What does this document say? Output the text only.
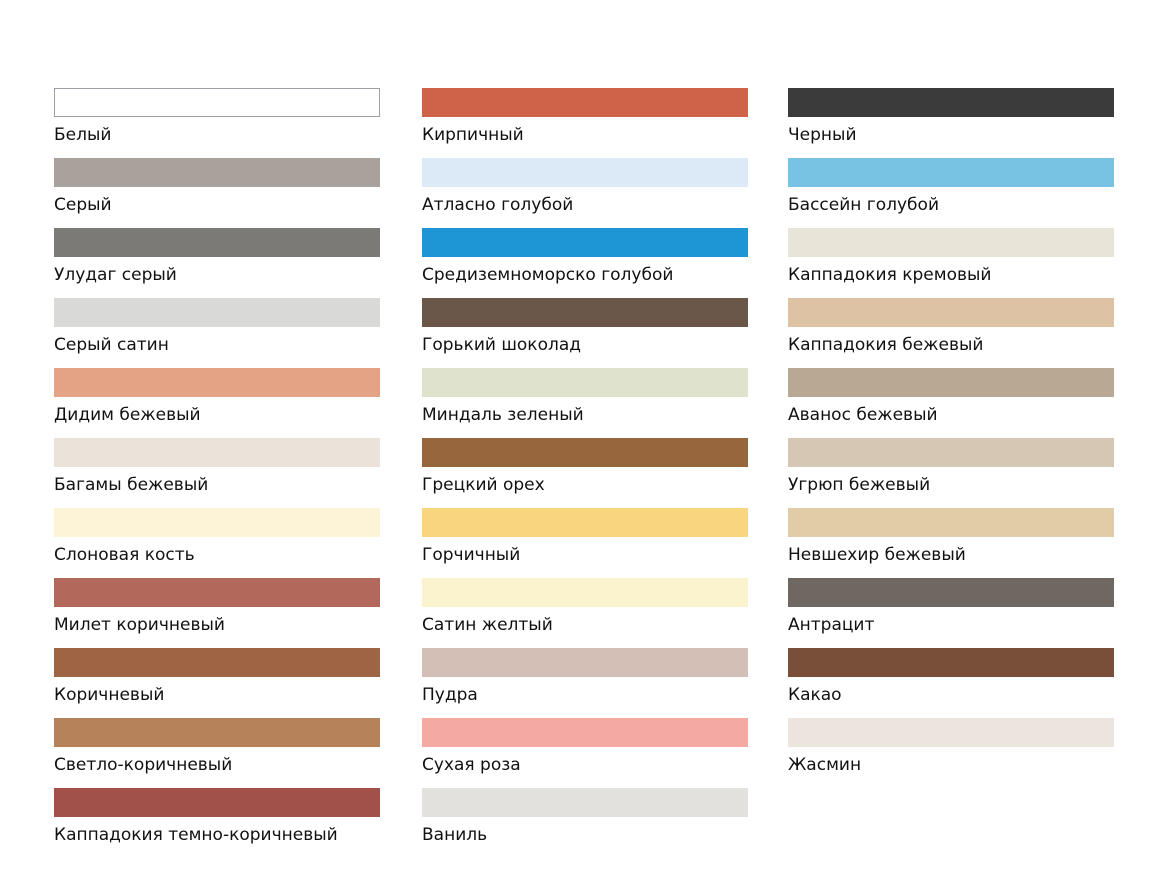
Белый
Серый
Улудаг серый
Серый сатин
Дидим бежевый
Багамы бежевый
Слоновая кость
Милет коричневый
Коричневый
Светло-коричневый
Каппадокия темно-коричневый
Кирпичный
Атласно голубой
Средиземноморско голубой
Горький шоколад
Миндаль зеленый
Грецкий орех
Горчичный
Сатин желтый
Пудра
Сухая роза
Ваниль
Черный
Бассейн голубой
Каппадокия кремовый
Каппадокия бежевый
Аванос бежевый
Угрюп бежевый
Невшехир бежевый
Антрацит
Какао
Жасмин
